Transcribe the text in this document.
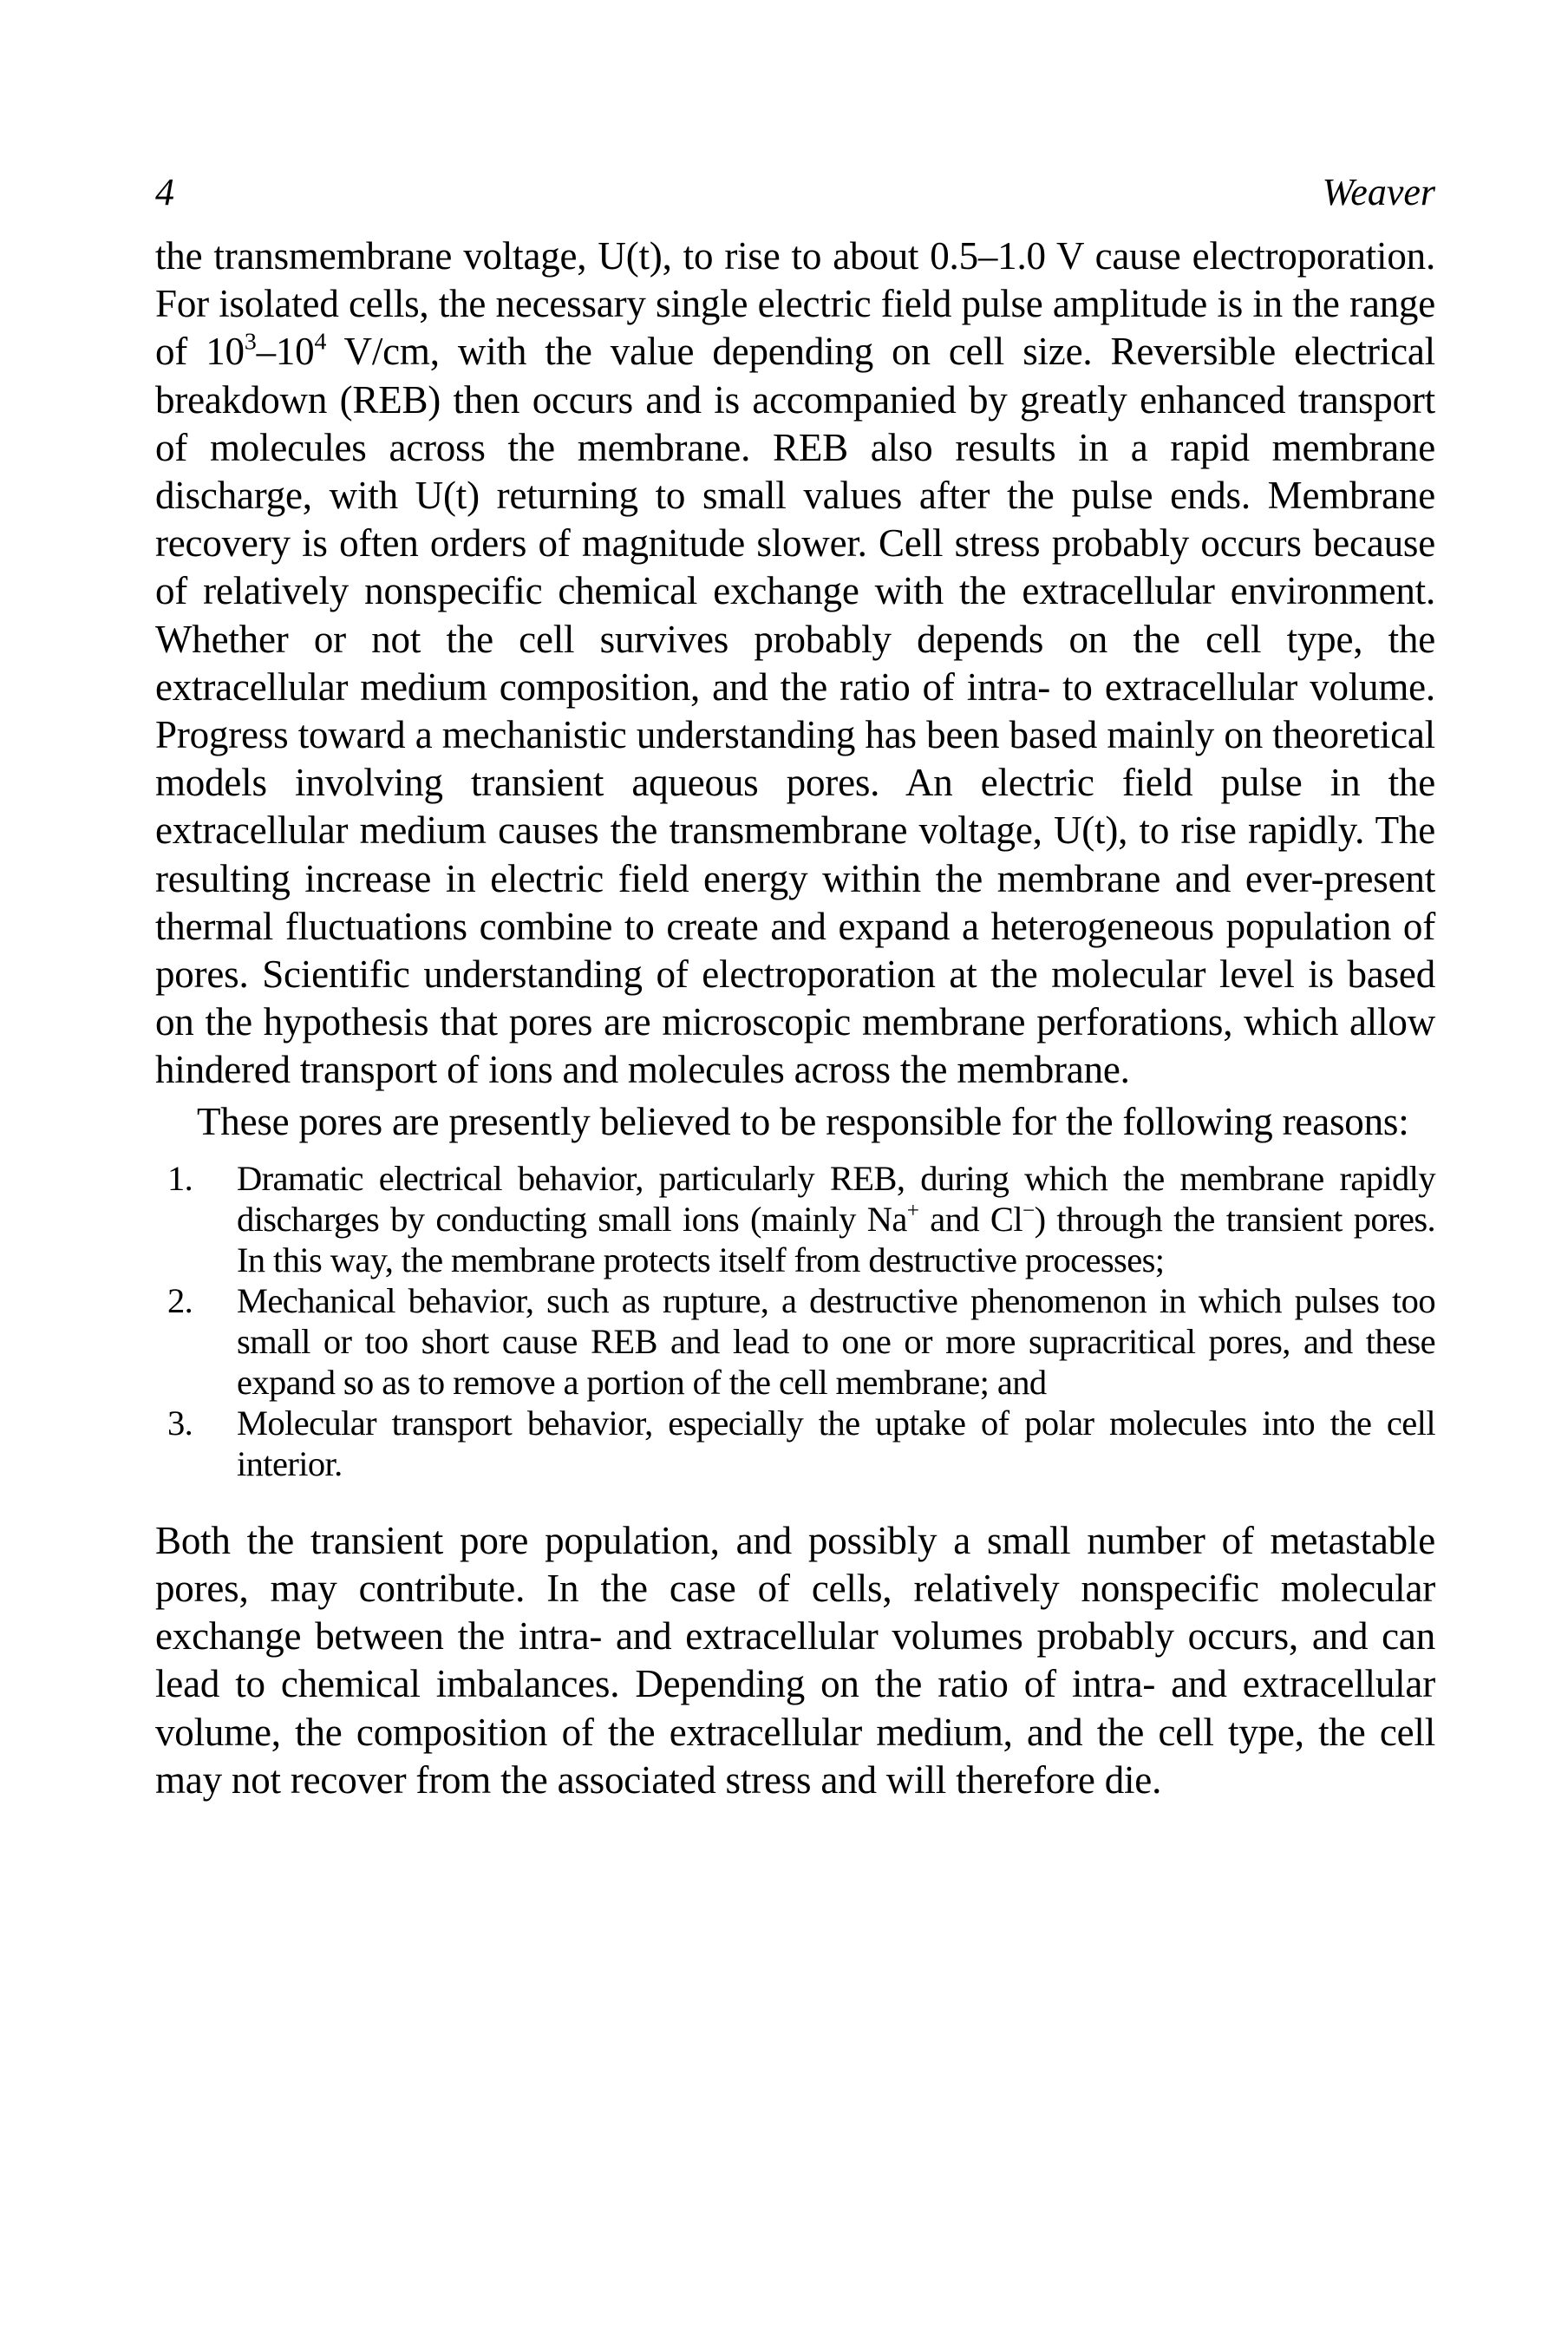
4	Weaver

the transmembrane voltage, U(t), to rise to about 0.5–1.0 V cause electroporation. For isolated cells, the necessary single electric field pulse amplitude is in the range of $10^3-10^4$ V/cm, with the value depending on cell size. Reversible electrical breakdown (REB) then occurs and is accompanied by greatly enhanced transport of molecules across the membrane. REB also results in a rapid membrane discharge, with U(t) returning to small values after the pulse ends. Membrane recovery is often orders of magnitude slower. Cell stress probably occurs because of relatively nonspecific chemical exchange with the extracellular environment. Whether or not the cell survives probably depends on the cell type, the extracellular medium composition, and the ratio of intra- to extracellular volume. Progress toward a mechanistic understanding has been based mainly on theoretical models involving transient aqueous pores. An electric field pulse in the extracellular medium causes the transmembrane voltage, U(t), to rise rapidly. The resulting increase in electric field energy within the membrane and ever-present thermal fluctuations combine to create and expand a heterogeneous population of pores. Scientific understanding of electroporation at the molecular level is based on the hypothesis that pores are microscopic membrane perforations, which allow hindered transport of ions and molecules across the membrane.

These pores are presently believed to be responsible for the following reasons:

1. Dramatic electrical behavior, particularly REB, during which the membrane rapidly discharges by conducting small ions (mainly Na+ and Cl−) through the transient pores. In this way, the membrane protects itself from destructive processes;
2. Mechanical behavior, such as rupture, a destructive phenomenon in which pulses too small or too short cause REB and lead to one or more supracritical pores, and these expand so as to remove a portion of the cell membrane; and
3. Molecular transport behavior, especially the uptake of polar molecules into the cell interior.

Both the transient pore population, and possibly a small number of metastable pores, may contribute. In the case of cells, relatively nonspecific molecular exchange between the intra- and extracellular volumes probably occurs, and can lead to chemical imbalances. Depending on the ratio of intra- and extracellular volume, the composition of the extracellular medium, and the cell type, the cell may not recover from the associated stress and will therefore die.
